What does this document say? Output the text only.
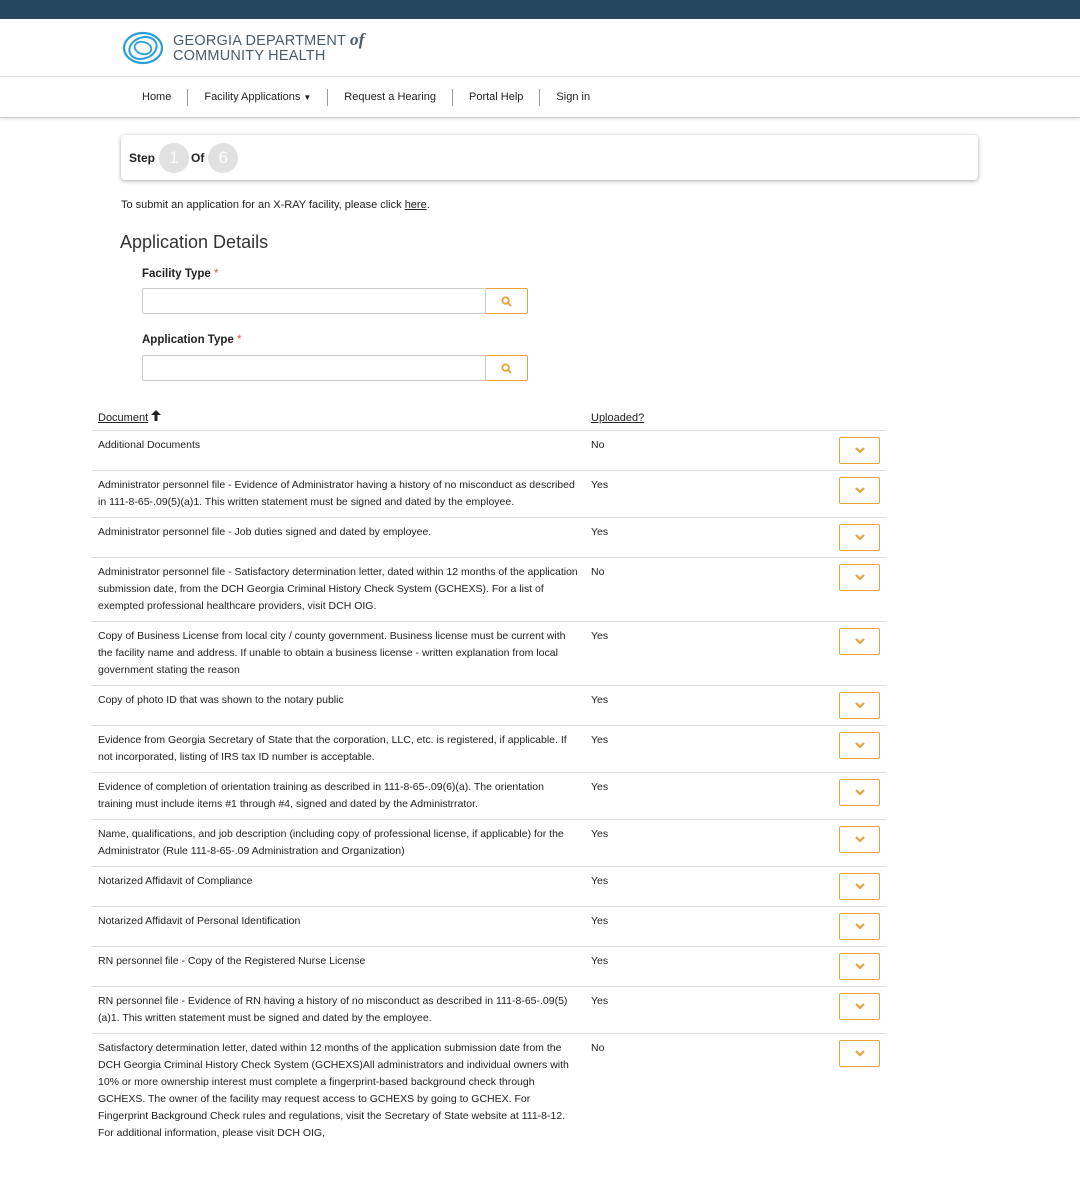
GEORGIA DEPARTMENT of
COMMUNITY HEALTH
Home	Facility Applications ▼	Request a Hearing	Portal Help	Sign in
Step 1	Of 6
To submit an application for an X-RAY facility, please click here.
Application Details
Facility Type *
Application Type *
Document	Uploaded?	
Additional Documents	No	

Administrator personnel file - Evidence of Administrator having a history of no misconduct as described in 111-8-65-.09(5)(a)1. This written statement must be signed and dated by the employee.	Yes	

Administrator personnel file - Job duties signed and dated by employee.	Yes	

Administrator personnel file - Satisfactory determination letter, dated within 12 months of the application submission date, from the DCH Georgia Criminal History Check System (GCHEXS). For a list of exempted professional healthcare providers, visit DCH OIG.	No	

Copy of Business License from local city / county government. Business license must be current with the facility name and address. If unable to obtain a business license - written explanation from local government stating the reason	Yes	

Copy of photo ID that was shown to the notary public	Yes	

Evidence from Georgia Secretary of State that the corporation, LLC, etc. is registered, if applicable. If not incorporated, listing of IRS tax ID number is acceptable.	Yes	

Evidence of completion of orientation training as described in 111-8-65-.09(6)(a). The orientation training must include items #1 through #4, signed and dated by the Administrrator.	Yes	

Name, qualifications, and job description (including copy of professional license, if applicable) for the Administrator (Rule 111-8-65-.09 Administration and Organization)	Yes	

Notarized Affidavit of Compliance	Yes	

Notarized Affidavit of Personal Identification	Yes	

RN personnel file - Copy of the Registered Nurse License	Yes	

RN personnel file - Evidence of RN having a history of no misconduct as described in 111-8-65-.09(5)(a)1. This written statement must be signed and dated by the employee.	Yes	

Satisfactory determination letter, dated within 12 months of the application submission date from the DCH Georgia Criminal History Check System (GCHEXS)All administrators and individual owners with 10% or more ownership interest must complete a fingerprint-based background check through GCHEXS. The owner of the facility may request access to GCHEXS by going to GCHEX. For Fingerprint Background Check rules and regulations, visit the Secretary of State website at 111-8-12. For additional information, please visit DCH OIG,	No	
